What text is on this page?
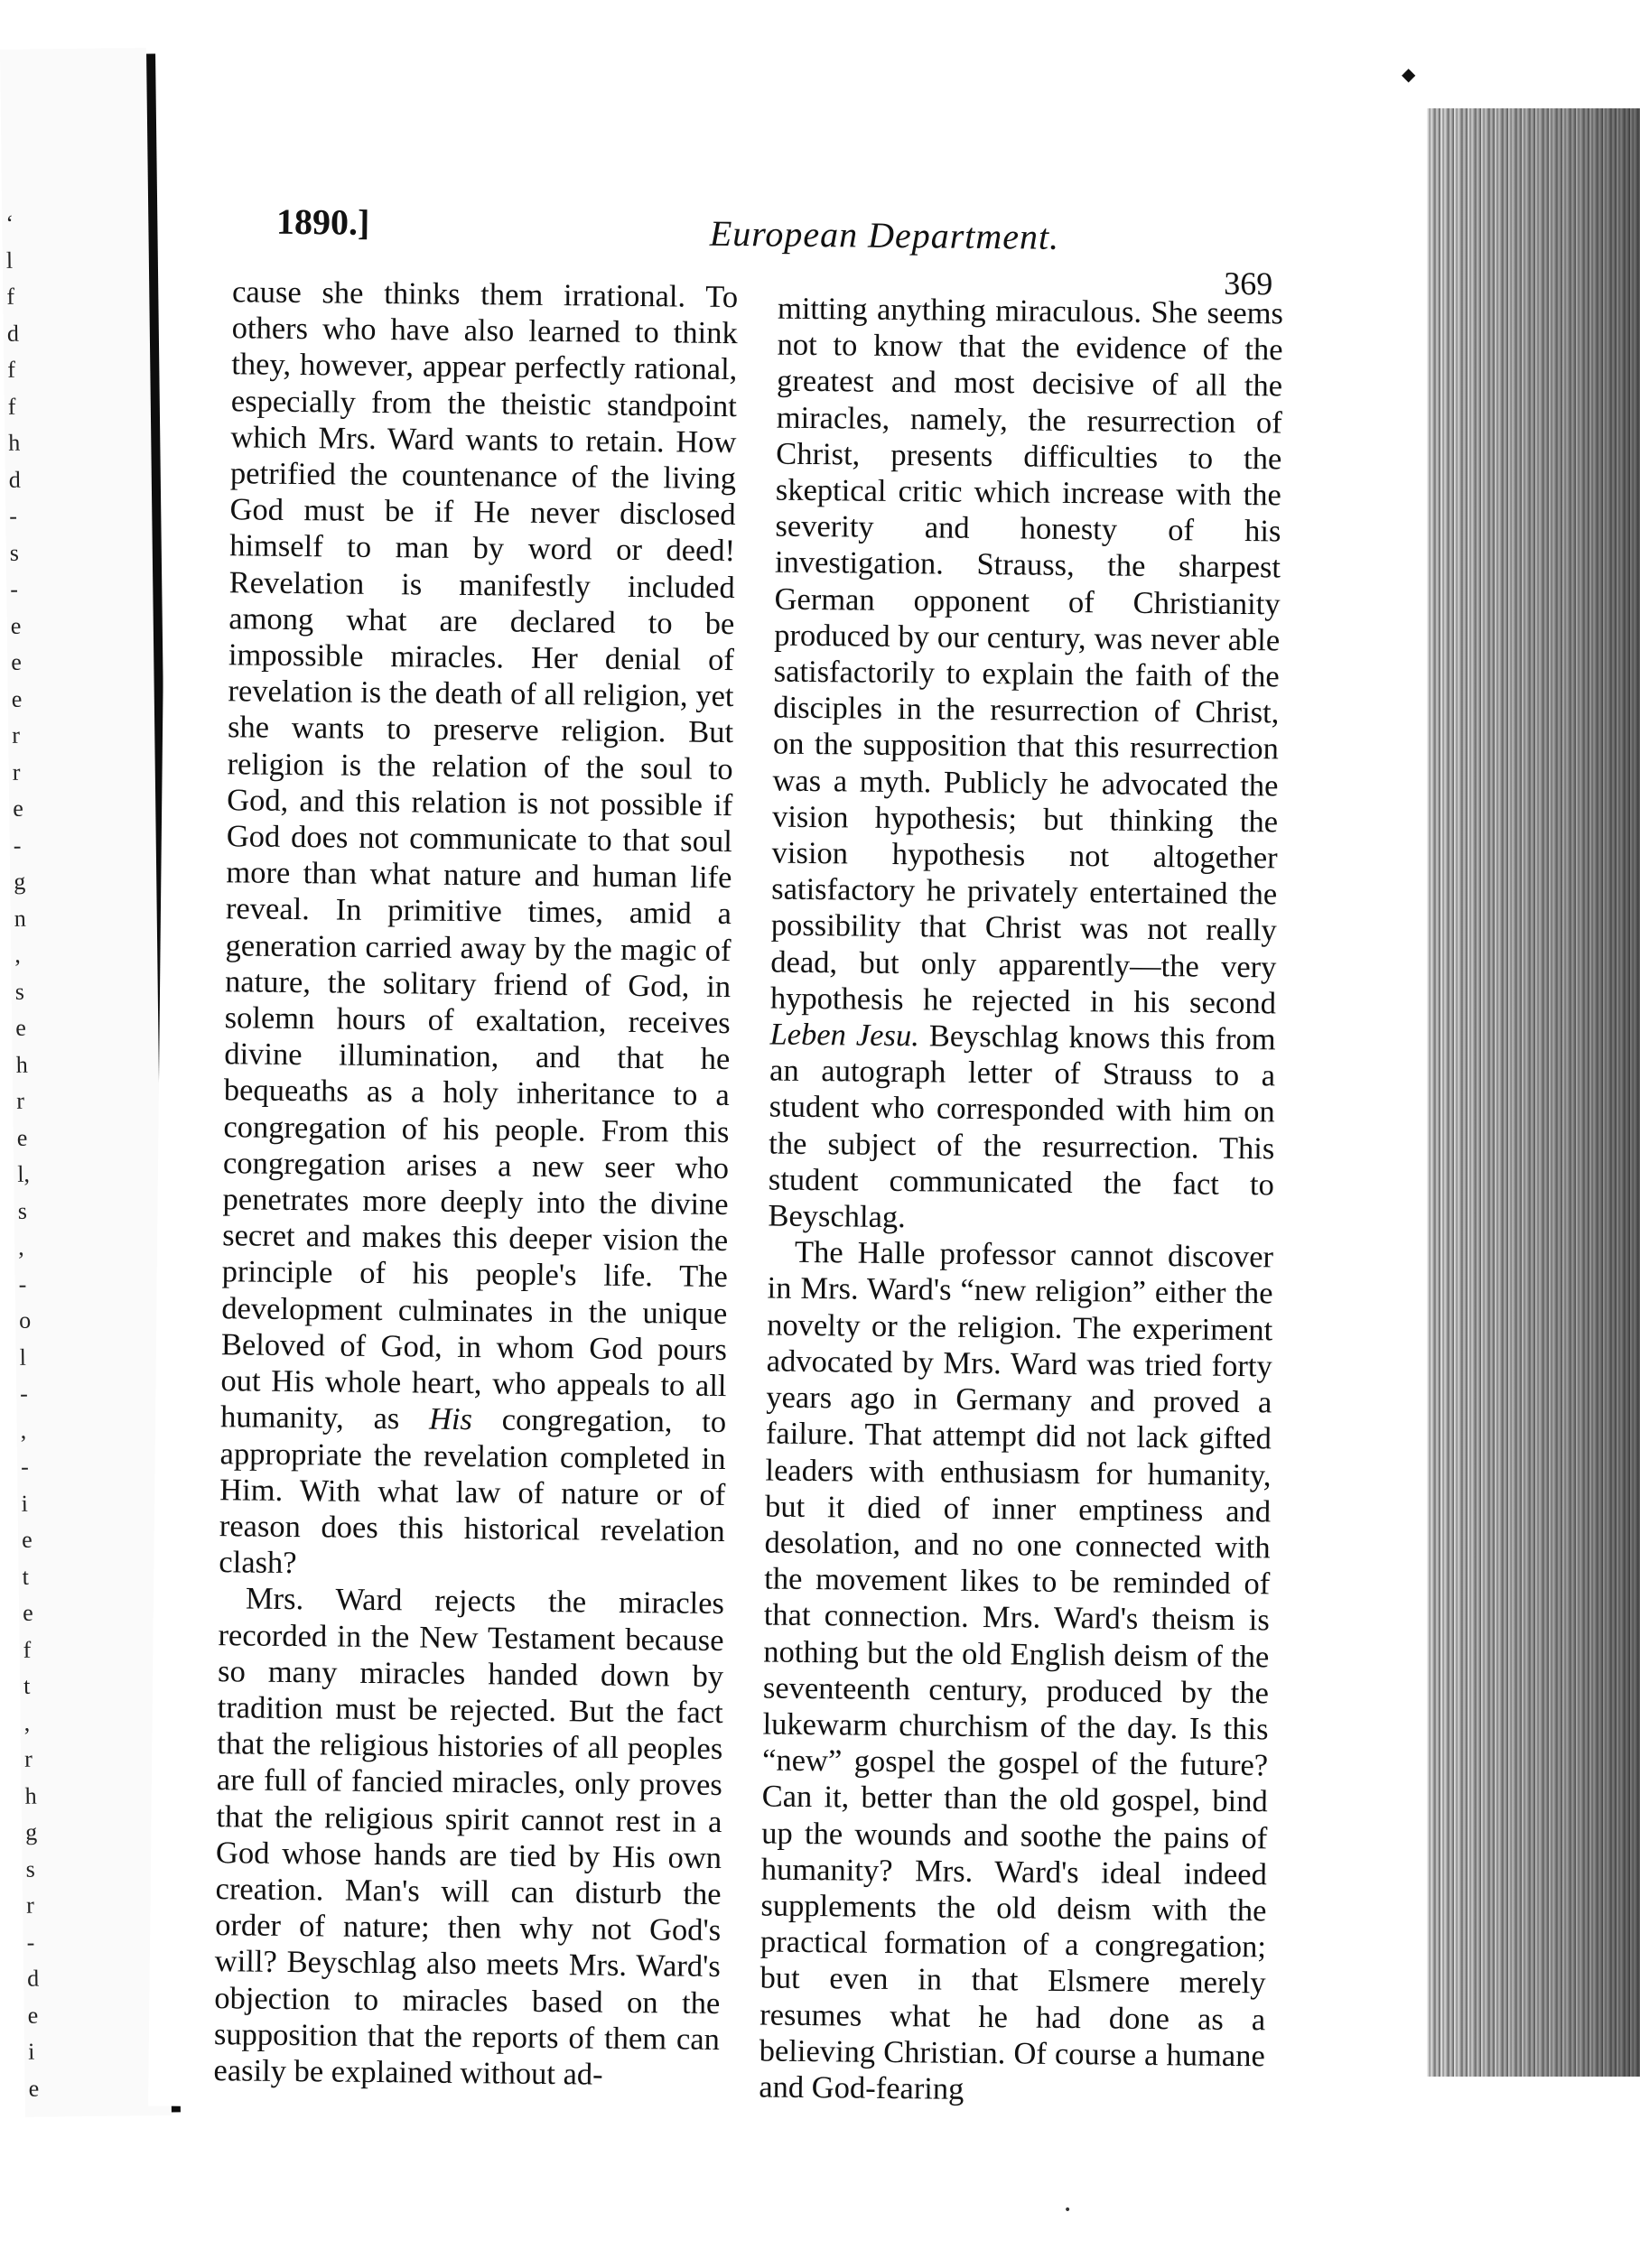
‘
l
f
d
f
f
h
d
-
s
-
e
e
e
r
r
e
-
g
n
,
s
e
h
r
e
l,
s
,
-
o
l
-
,
-
i
e
t
e
f
t
,
r
h
g
s
r
-
d
e
i
e
1890.]	European Department.
369

cause she thinks them irrational. To others who have also learned to think they, however, appear perfectly rational, especially from the theistic standpoint which Mrs. Ward wants to retain. How petrified the countenance of the living God must be if He never disclosed himself to man by word or deed! Revelation is manifestly included among what are declared to be impossible miracles. Her denial of revelation is the death of all religion, yet she wants to preserve religion. But religion is the relation of the soul to God, and this relation is not possible if God does not communicate to that soul more than what nature and human life reveal. In primitive times, amid a generation carried away by the magic of nature, the solitary friend of God, in solemn hours of exaltation, receives divine illumination, and that he bequeaths as a holy inheritance to a congregation of his people. From this congregation arises a new seer who penetrates more deeply into the divine secret and makes this deeper vision the principle of his people's life. The development culminates in the unique Beloved of God, in whom God pours out His whole heart, who appeals to all humanity, as His congregation, to appropriate the revelation completed in Him. With what law of nature or of reason does this historical revelation clash?

Mrs. Ward rejects the miracles recorded in the New Testament because so many miracles handed down by tradition must be rejected. But the fact that the religious histories of all peoples are full of fancied miracles, only proves that the religious spirit cannot rest in a God whose hands are tied by His own creation. Man's will can disturb the order of nature; then why not God's will? Beyschlag also meets Mrs. Ward's objection to miracles based on the supposition that the reports of them can easily be explained without ad-

mitting anything miraculous. She seems not to know that the evidence of the greatest and most decisive of all the miracles, namely, the resurrection of Christ, presents difficulties to the skeptical critic which increase with the severity and honesty of his investigation. Strauss, the sharpest German opponent of Christianity produced by our century, was never able satisfactorily to explain the faith of the disciples in the resurrection of Christ, on the supposition that this resurrection was a myth. Publicly he advocated the vision hypothesis; but thinking the vision hypothesis not altogether satisfactory he privately entertained the possibility that Christ was not really dead, but only apparently—the very hypothesis he rejected in his second Leben Jesu. Beyschlag knows this from an autograph letter of Strauss to a student who corresponded with him on the subject of the resurrection. This student communicated the fact to Beyschlag.

The Halle professor cannot discover in Mrs. Ward's “new religion” either the novelty or the religion. The experiment advocated by Mrs. Ward was tried forty years ago in Germany and proved a failure. That attempt did not lack gifted leaders with enthusiasm for humanity, but it died of inner emptiness and desolation, and no one connected with the movement likes to be reminded of that connection. Mrs. Ward's theism is nothing but the old English deism of the seventeenth century, produced by the lukewarm churchism of the day. Is this “new” gospel the gospel of the future? Can it, better than the old gospel, bind up the wounds and soothe the pains of humanity? Mrs. Ward's ideal indeed supplements the old deism with the practical formation of a congregation; but even in that Elsmere merely resumes what he had done as a believing Christian. Of course a humane and God-fearing

◆
•
